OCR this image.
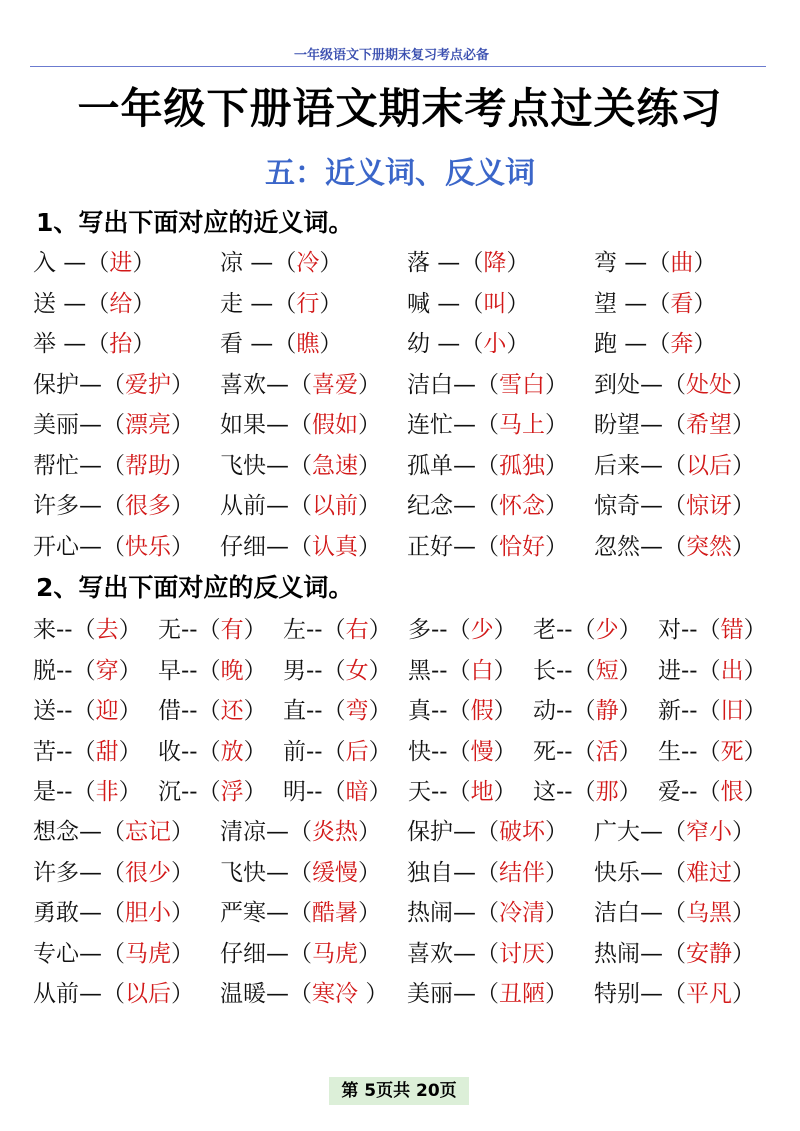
一年级语文下册期末复习考点必备
一年级下册语文期末考点过关练习
五：近义词、反义词
1、写出下面对应的近义词。
入 —（进）	凉 —（冷）	落 —（降）	弯 —（曲）
送 —（给）	走 —（行）	喊 —（叫）	望 —（看）
举 —（抬）	看 —（瞧）	幼 —（小）	跑 —（奔）
保护—（爱护） 喜欢—（喜爱） 洁白—（雪白） 到处—（处处）
美丽—（漂亮） 如果—（假如） 连忙—（马上） 盼望—（希望）
帮忙—（帮助） 飞快—（急速） 孤单—（孤独） 后来—（以后）
许多—（很多） 从前—（以前） 纪念—（怀念） 惊奇—（惊讶）
开心—（快乐） 仔细—（认真） 正好—（恰好） 忽然—（突然）
2、写出下面对应的反义词。
来--（去） 无--（有） 左--（右） 多--（少） 老--（少） 对--（错）
脱--（穿） 早--（晚） 男--（女） 黑--（白） 长--（短） 进--（出）
送--（迎） 借--（还） 直--（弯） 真--（假） 动--（静） 新--（旧）
苦--（甜） 收--（放） 前--（后） 快--（慢） 死--（活） 生--（死）
是--（非） 沉--（浮） 明--（暗） 天--（地） 这--（那） 爱--（恨）
想念—（忘记） 清凉—（炎热） 保护—（破坏） 广大—（窄小）
许多—（很少） 飞快—（缓慢） 独自—（结伴） 快乐—（难过）
勇敢—（胆小） 严寒—（酷暑） 热闹—（冷清） 洁白—（乌黑）
专心—（马虎） 仔细—（马虎） 喜欢—（讨厌） 热闹—（安静）
从前—（以后） 温暖—（寒冷 ） 美丽—（丑陋） 特别—（平凡）
第 5页共 20页
